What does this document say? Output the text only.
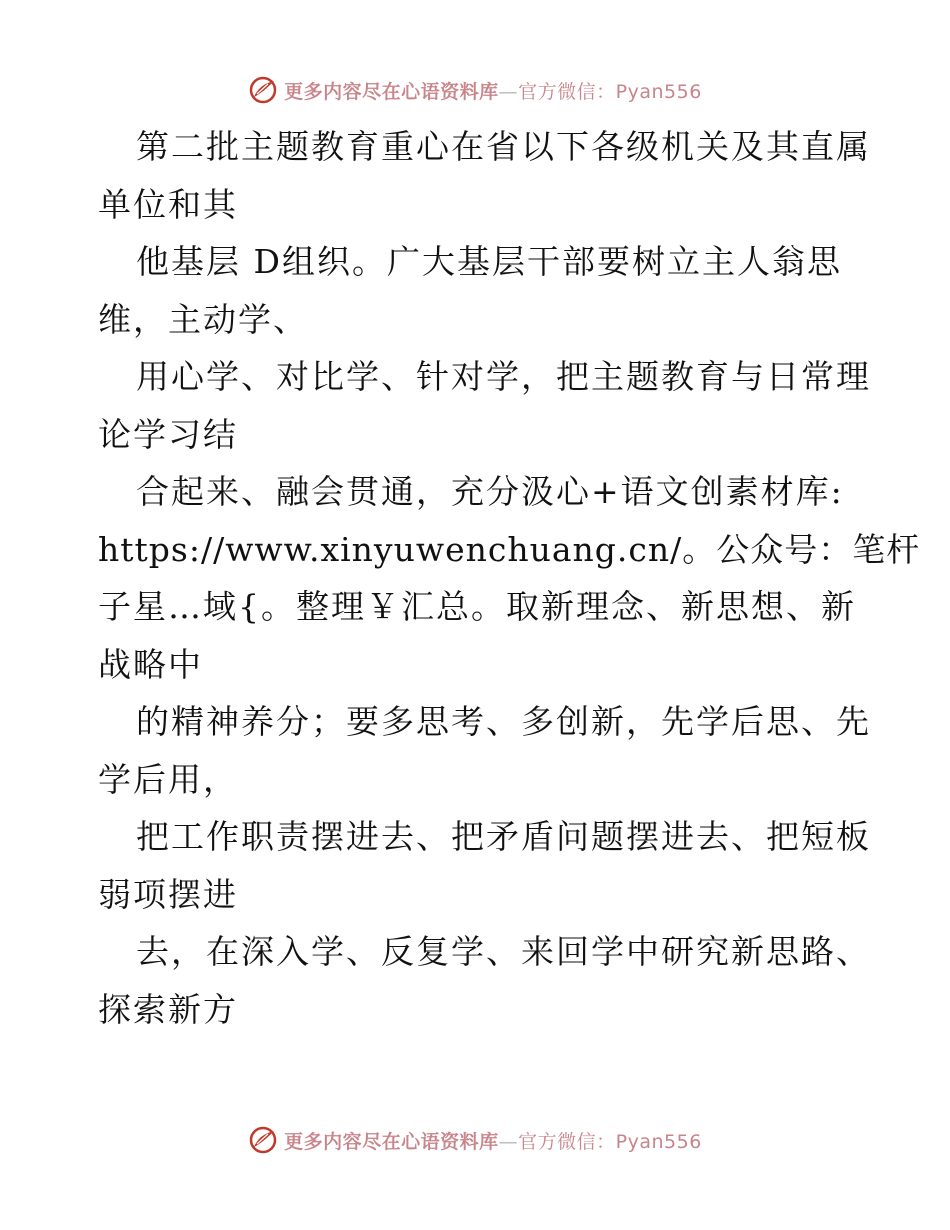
更多内容尽在心语资料库—官方微信：Pyan556
第二批主题教育重心在省以下各级机关及其直属
单位和其
他基层 D组织。广大基层干部要树立主人翁思
维，主动学、
用心学、对比学、针对学，把主题教育与日常理
论学习结
合起来、融会贯通，充分汲心+语文创素材库:
https://www.xinyuwenchuang.cn/。公众号：笔杆
子星…域{。整理￥汇总。取新理念、新思想、新
战略中
的精神养分；要多思考、多创新，先学后思、先
学后用，
把工作职责摆进去、把矛盾问题摆进去、把短板
弱项摆进
去，在深入学、反复学、来回学中研究新思路、
探索新方
更多内容尽在心语资料库—官方微信：Pyan556
